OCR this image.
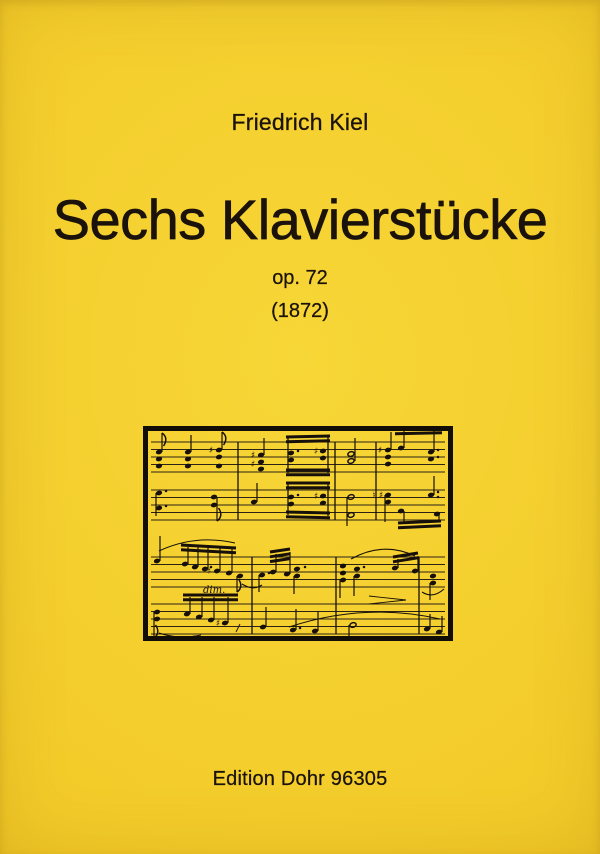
Friedrich Kiel
Sechs Klavierstücke
op. 72
(1872)
♯	♯
♯
♯	♯
♯	♮ ♯
♯
♯
dim.
Edition Dohr 96305
